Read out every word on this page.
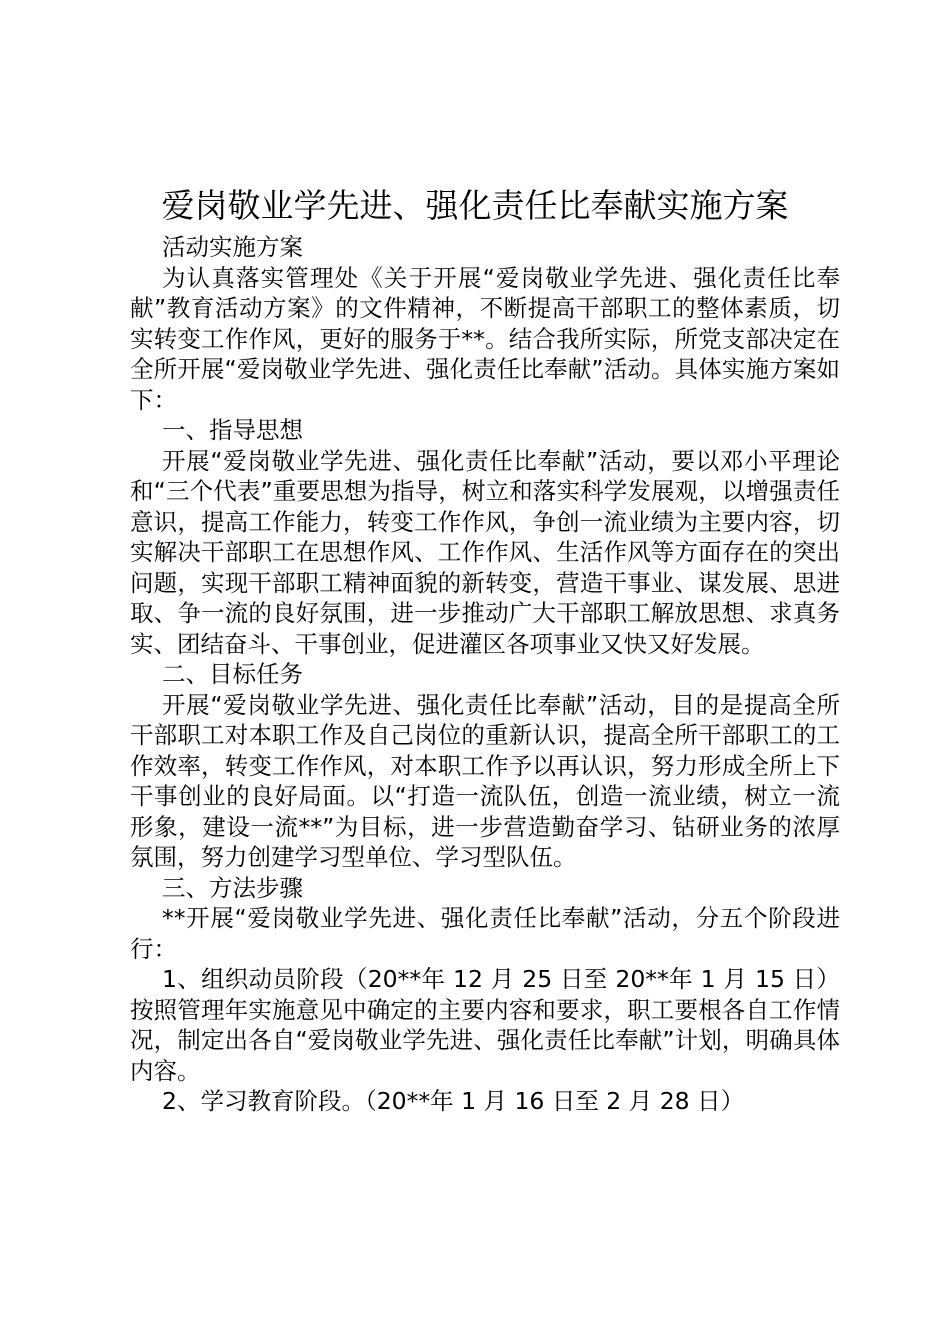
爱岗敬业学先进、强化责任比奉献实施方案

活动实施方案

为认真落实管理处《关于开展“爱岗敬业学先进、强化责任比奉献”教育活动方案》的文件精神，不断提高干部职工的整体素质，切实转变工作作风，更好的服务于**。结合我所实际，所党支部决定在全所开展“爱岗敬业学先进、强化责任比奉献”活动。具体实施方案如下：

一、指导思想

开展“爱岗敬业学先进、强化责任比奉献”活动，要以邓小平理论和“三个代表”重要思想为指导，树立和落实科学发展观，以增强责任意识，提高工作能力，转变工作作风，争创一流业绩为主要内容，切实解决干部职工在思想作风、工作作风、生活作风等方面存在的突出问题，实现干部职工精神面貌的新转变，营造干事业、谋发展、思进取、争一流的良好氛围，进一步推动广大干部职工解放思想、求真务实、团结奋斗、干事创业，促进灌区各项事业又快又好发展。

二、目标任务

开展“爱岗敬业学先进、强化责任比奉献”活动，目的是提高全所干部职工对本职工作及自己岗位的重新认识，提高全所干部职工的工作效率，转变工作作风，对本职工作予以再认识，努力形成全所上下干事创业的良好局面。以“打造一流队伍，创造一流业绩，树立一流形象，建设一流**”为目标，进一步营造勤奋学习、钻研业务的浓厚氛围，努力创建学习型单位、学习型队伍。

三、方法步骤

**开展“爱岗敬业学先进、强化责任比奉献”活动，分五个阶段进行：

1、组织动员阶段（20**年 12 月 25 日至 20**年 1 月 15 日）按照管理年实施意见中确定的主要内容和要求，职工要根各自工作情况，制定出各自“爱岗敬业学先进、强化责任比奉献”计划，明确具体内容。

2、学习教育阶段。（20**年 1 月 16 日至 2 月 28 日）
